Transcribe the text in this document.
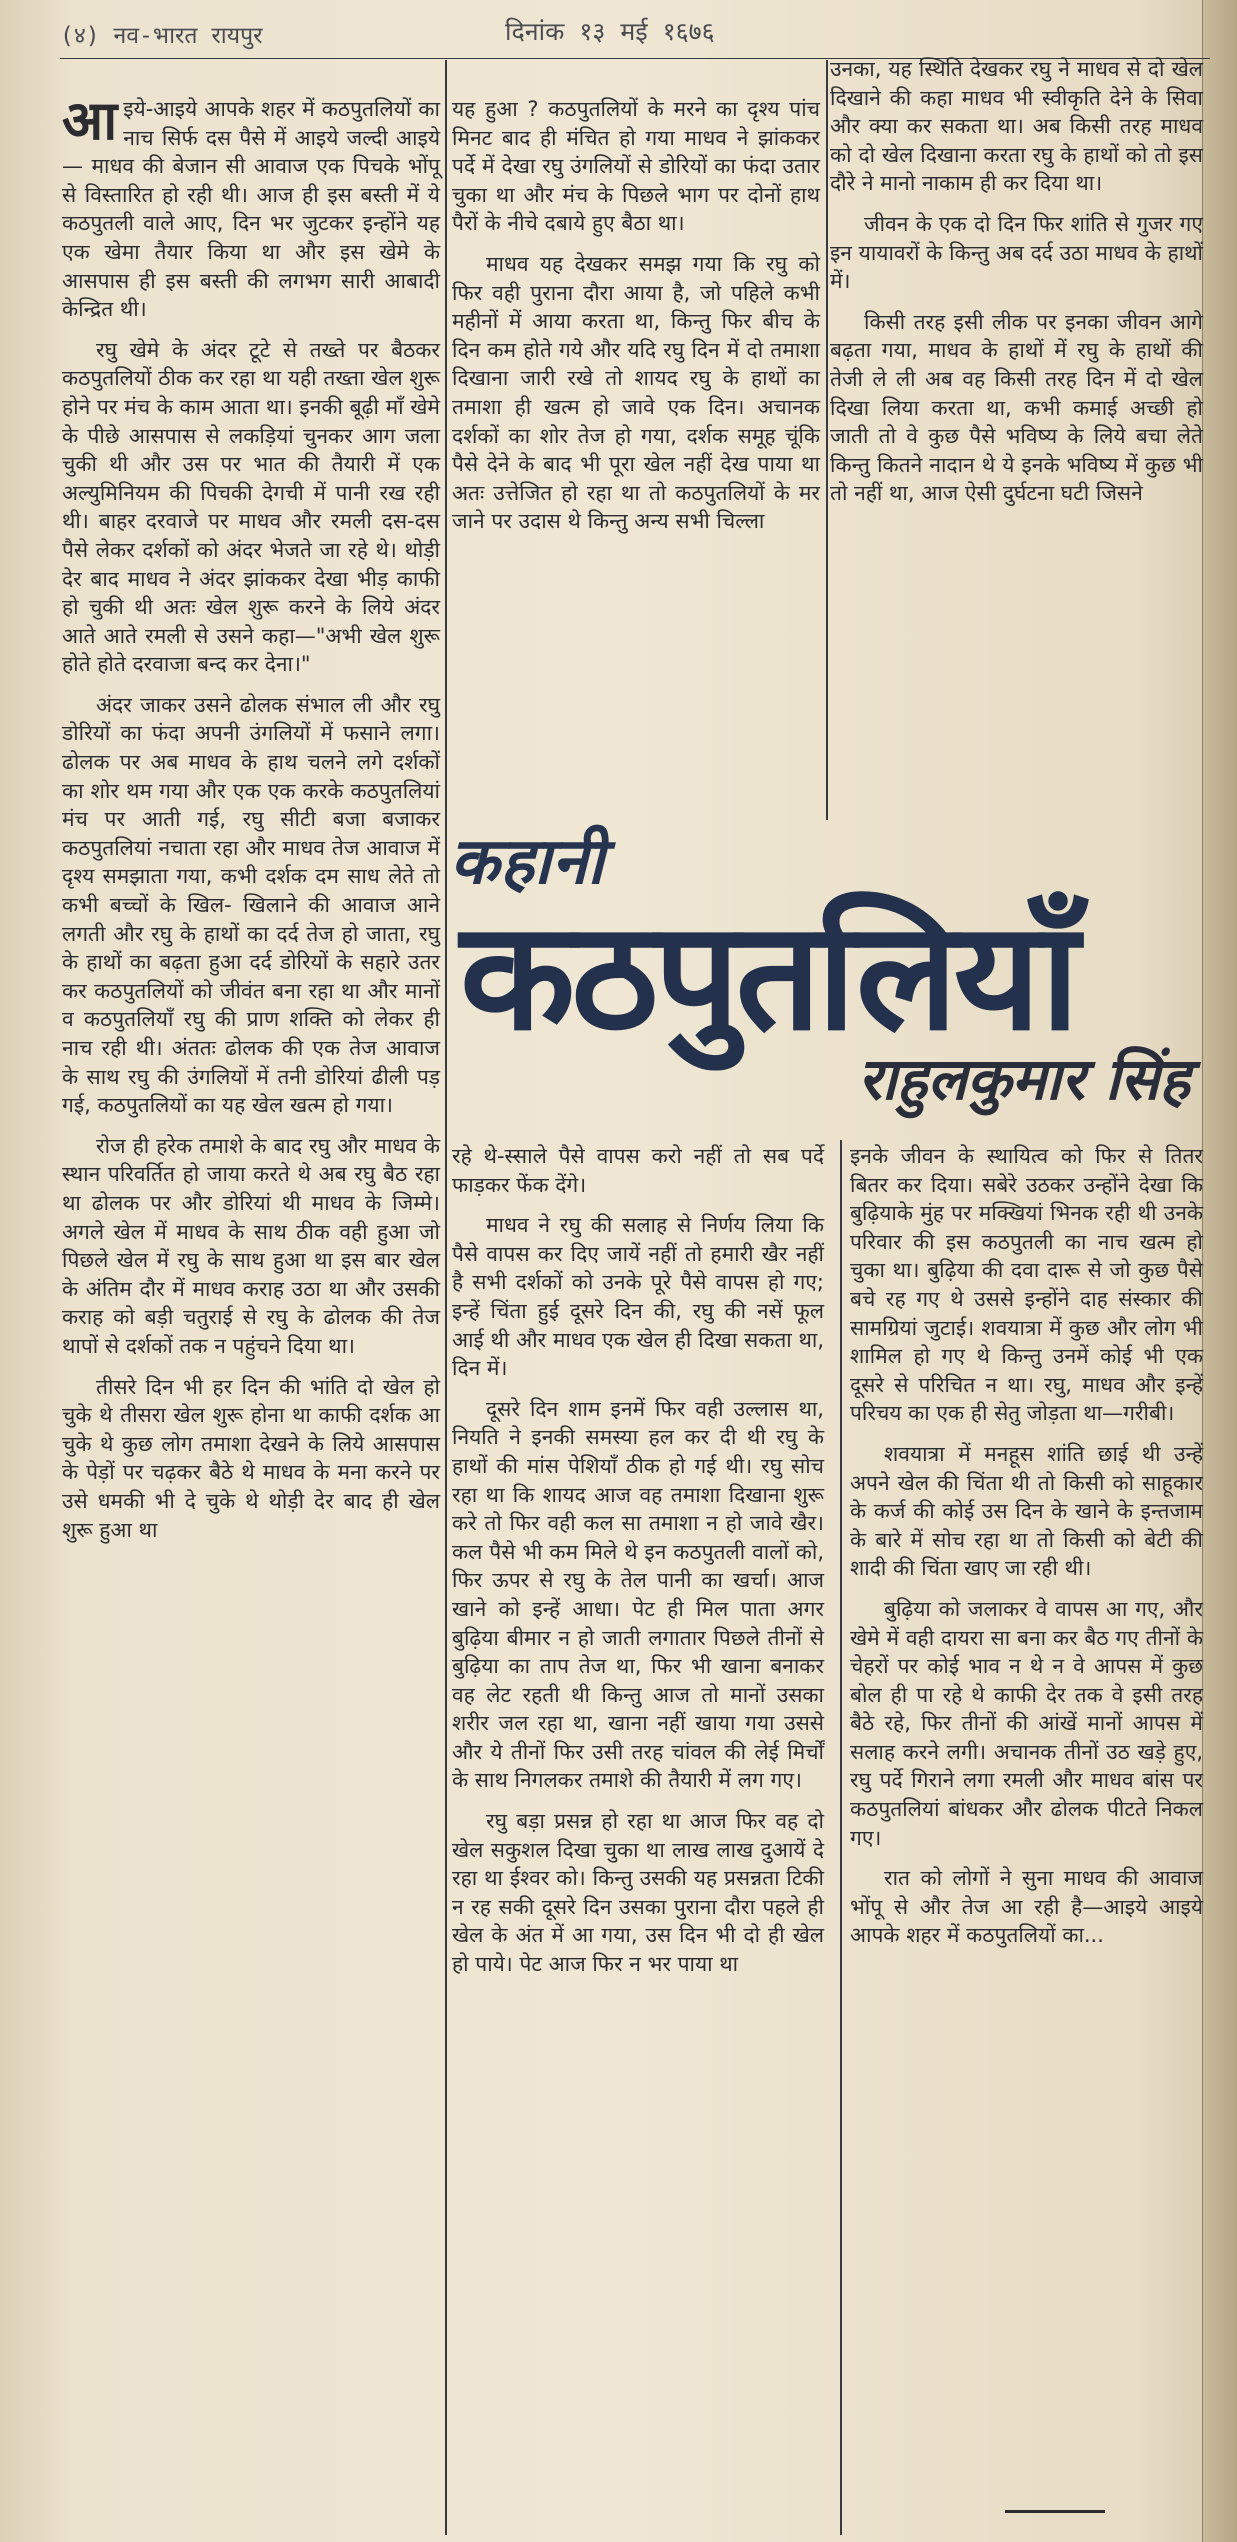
(४) नव-भारत रायपुर	दिनांक १३ मई १६७६

आइये-आइये आपके शहर में कठपुतलियों का नाच सिर्फ दस पैसे में आइये जल्दी आइये— माधव की बेजान सी आवाज एक पिचके भोंपू से विस्तारित हो रही थी। आज ही इस बस्ती में ये कठपुतली वाले आए, दिन भर जुटकर इन्होंने यह एक खेमा तैयार किया था और इस खेमे के आसपास ही इस बस्ती की लगभग सारी आबादी केन्द्रित थी।

रघु खेमे के अंदर टूटे से तख्ते पर बैठकर कठपुतलियों ठीक कर रहा था यही तख्ता खेल शुरू होने पर मंच के काम आता था। इनकी बूढ़ी माँ खेमे के पीछे आसपास से लकड़ियां चुनकर आग जला चुकी थी और उस पर भात की तैयारी में एक अल्युमिनियम की पिचकी देगची में पानी रख रही थी। बाहर दरवाजे पर माधव और रमली दस-दस पैसे लेकर दर्शकों को अंदर भेजते जा रहे थे। थोड़ी देर बाद माधव ने अंदर झांककर देखा भीड़ काफी हो चुकी थी अतः खेल शुरू करने के लिये अंदर आते आते रमली से उसने कहा—"अभी खेल शुरू होते होते दरवाजा बन्द कर देना।"

अंदर जाकर उसने ढोलक संभाल ली और रघु डोरियों का फंदा अपनी उंगलियों में फसाने लगा। ढोलक पर अब माधव के हाथ चलने लगे दर्शकों का शोर थम गया और एक एक करके कठपुतलियां मंच पर आती गई, रघु सीटी बजा बजाकर कठपुतलियां नचाता रहा और माधव तेज आवाज में दृश्य समझाता गया, कभी दर्शक दम साध लेते तो कभी बच्चों के खिल- खिलाने की आवाज आने लगती और रघु के हाथों का दर्द तेज हो जाता, रघु के हाथों का बढ़ता हुआ दर्द डोरियों के सहारे उतर कर कठपुतलियों को जीवंत बना रहा था और मानों व कठपुतलियाँ रघु की प्राण शक्ति को लेकर ही नाच रही थी। अंततः ढोलक की एक तेज आवाज के साथ रघु की उंगलियों में तनी डोरियां ढीली पड़ गई, कठपुतलियों का यह खेल खत्म हो गया।

रोज ही हरेक तमाशे के बाद रघु और माधव के स्थान परिवर्तित हो जाया करते थे अब रघु बैठ रहा था ढोलक पर और डोरियां थी माधव के जिम्मे। अगले खेल में माधव के साथ ठीक वही हुआ जो पिछले खेल में रघु के साथ हुआ था इस बार खेल के अंतिम दौर में माधव कराह उठा था और उसकी कराह को बड़ी चतुराई से रघु के ढोलक की तेज थापों से दर्शकों तक न पहुंचने दिया था।

तीसरे दिन भी हर दिन की भांति दो खेल हो चुके थे तीसरा खेल शुरू होना था काफी दर्शक आ चुके थे कुछ लोग तमाशा देखने के लिये आसपास के पेड़ों पर चढ़कर बैठे थे माधव के मना करने पर उसे धमकी भी दे चुके थे थोड़ी देर बाद ही खेल शुरू हुआ था

यह हुआ ? कठपुतलियों के मरने का दृश्य पांच मिनट बाद ही मंचित हो गया माधव ने झांककर पर्दे में देखा रघु उंगलियों से डोरियों का फंदा उतार चुका था और मंच के पिछले भाग पर दोनों हाथ पैरों के नीचे दबाये हुए बैठा था।

माधव यह देखकर समझ गया कि रघु को फिर वही पुराना दौरा आया है, जो पहिले कभी महीनों में आया करता था, किन्तु फिर बीच के दिन कम होते गये और यदि रघु दिन में दो तमाशा दिखाना जारी रखे तो शायद रघु के हाथों का तमाशा ही खत्म हो जावे एक दिन। अचानक दर्शकों का शोर तेज हो गया, दर्शक समूह चूंकि पैसे देने के बाद भी पूरा खेल नहीं देख पाया था अतः उत्तेजित हो रहा था तो कठपुतलियों के मर जाने पर उदास थे किन्तु अन्य सभी चिल्ला

उनका, यह स्थिति देखकर रघु ने माधव से दो खेल दिखाने की कहा माधव भी स्वीकृति देने के सिवा और क्या कर सकता था। अब किसी तरह माधव को दो खेल दिखाना करता रघु के हाथों को तो इस दौरे ने मानो नाकाम ही कर दिया था।

जीवन के एक दो दिन फिर शांति से गुजर गए इन यायावरों के किन्तु अब दर्द उठा माधव के हाथों में।

किसी तरह इसी लीक पर इनका जीवन आगे बढ़ता गया, माधव के हाथों में रघु के हाथों की तेजी ले ली अब वह किसी तरह दिन में दो खेल दिखा लिया करता था, कभी कमाई अच्छी हो जाती तो वे कुछ पैसे भविष्य के लिये बचा लेते किन्तु कितने नादान थे ये इनके भविष्य में कुछ भी तो नहीं था, आज ऐसी दुर्घटना घटी जिसने

कहानी
कठपुतलियाँ
राहुलकुमार सिंह

रहे थे-स्साले पैसे वापस करो नहीं तो सब पर्दे फाड़कर फेंक देंगे।

माधव ने रघु की सलाह से निर्णय लिया कि पैसे वापस कर दिए जायें नहीं तो हमारी खैर नहीं है सभी दर्शकों को उनके पूरे पैसे वापस हो गए; इन्हें चिंता हुई दूसरे दिन की, रघु की नसें फूल आई थी और माधव एक खेल ही दिखा सकता था, दिन में।

दूसरे दिन शाम इनमें फिर वही उल्लास था, नियति ने इनकी समस्या हल कर दी थी रघु के हाथों की मांस पेशियाँ ठीक हो गई थी। रघु सोच रहा था कि शायद आज वह तमाशा दिखाना शुरू करे तो फिर वही कल सा तमाशा न हो जावे खैर। कल पैसे भी कम मिले थे इन कठपुतली वालों को, फिर ऊपर से रघु के तेल पानी का खर्चा। आज खाने को इन्हें आधा। पेट ही मिल पाता अगर बुढ़िया बीमार न हो जाती लगातार पिछले तीनों से बुढ़िया का ताप तेज था, फिर भी खाना बनाकर वह लेट रहती थी किन्तु आज तो मानों उसका शरीर जल रहा था, खाना नहीं खाया गया उससे और ये तीनों फिर उसी तरह चांवल की लेई मिर्चों के साथ निगलकर तमाशे की तैयारी में लग गए।

रघु बड़ा प्रसन्न हो रहा था आज फिर वह दो खेल सकुशल दिखा चुका था लाख लाख दुआयें दे रहा था ईश्वर को। किन्तु उसकी यह प्रसन्नता टिकी न रह सकी दूसरे दिन उसका पुराना दौरा पहले ही खेल के अंत में आ गया, उस दिन भी दो ही खेल हो पाये। पेट आज फिर न भर पाया था

इनके जीवन के स्थायित्व को फिर से तितर बितर कर दिया। सबेरे उठकर उन्होंने देखा कि बुढ़ियाके मुंह पर मक्खियां भिनक रही थी उनके परिवार की इस कठपुतली का नाच खत्म हो चुका था। बुढ़िया की दवा दारू से जो कुछ पैसे बचे रह गए थे उससे इन्होंने दाह संस्कार की सामग्रियां जुटाई। शवयात्रा में कुछ और लोग भी शामिल हो गए थे किन्तु उनमें कोई भी एक दूसरे से परिचित न था। रघु, माधव और इन्हें परिचय का एक ही सेतु जोड़ता था—गरीबी।

शवयात्रा में मनहूस शांति छाई थी उन्हें अपने खेल की चिंता थी तो किसी को साहूकार के कर्ज की कोई उस दिन के खाने के इन्तजाम के बारे में सोच रहा था तो किसी को बेटी की शादी की चिंता खाए जा रही थी।

बुढ़िया को जलाकर वे वापस आ गए, और खेमे में वही दायरा सा बना कर बैठ गए तीनों के चेहरों पर कोई भाव न थे न वे आपस में कुछ बोल ही पा रहे थे काफी देर तक वे इसी तरह बैठे रहे, फिर तीनों की आंखें मानों आपस में सलाह करने लगी। अचानक तीनों उठ खड़े हुए, रघु पर्दे गिराने लगा रमली और माधव बांस पर कठपुतलियां बांधकर और ढोलक पीटते निकल गए।

रात को लोगों ने सुना माधव की आवाज भोंपू से और तेज आ रही है—आइये आइये आपके शहर में कठपुतलियों का...
